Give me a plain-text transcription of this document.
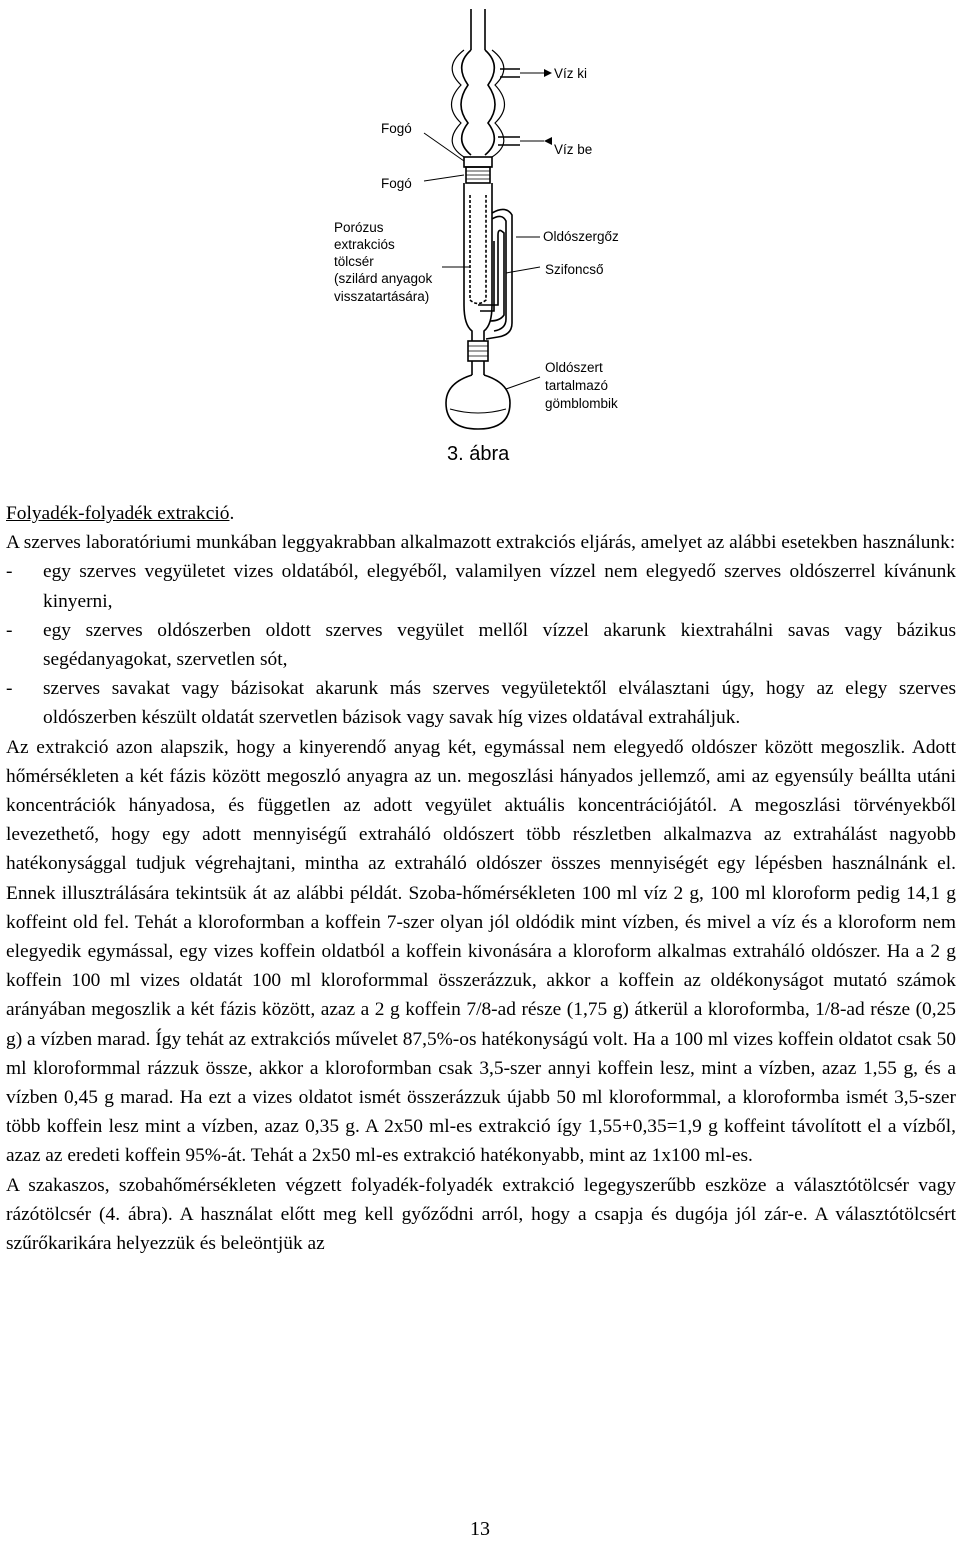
Víz ki
Fogó
Víz be
Fogó
Porózus
extrakciós
tölcsér
(szilárd anyagok
visszatartására)
Oldószergőz
Szifoncső
Oldószert
tartalmazó
gömblombik
3. ábra

Folyadék-folyadék extrakció.

A szerves laboratóriumi munkában leggyakrabban alkalmazott extrakciós eljárás, amelyet az alábbi esetekben használunk:

-	egy szerves vegyületet vizes oldatából, elegyéből, valamilyen vízzel nem elegyedő szerves oldószerrel kívánunk kinyerni,
-	egy szerves oldószerben oldott szerves vegyület mellől vízzel akarunk kiextrahálni savas vagy bázikus segédanyagokat, szervetlen sót,
-	szerves savakat vagy bázisokat akarunk más szerves vegyületektől elválasztani úgy, hogy az elegy szerves oldószerben készült oldatát szervetlen bázisok vagy savak híg vizes oldatával extraháljuk.

Az extrakció azon alapszik, hogy a kinyerendő anyag két, egymással nem elegyedő oldószer között megoszlik. Adott hőmérsékleten a két fázis között megoszló anyagra az un. megoszlási hányados jellemző, ami az egyensúly beállta utáni koncentrációk hányadosa, és független az adott vegyület aktuális koncentrációjától. A megoszlási törvényekből levezethető, hogy egy adott mennyiségű extraháló oldószert több részletben alkalmazva az extrahálást nagyobb hatékonysággal tudjuk végrehajtani, mintha az extraháló oldószer összes mennyiségét egy lépésben használnánk el. Ennek illusztrálására tekintsük át az alábbi példát. Szoba-hőmérsékleten 100 ml víz 2 g, 100 ml kloroform pedig 14,1 g koffeint old fel. Tehát a kloroformban a koffein 7-szer olyan jól oldódik mint vízben, és mivel a víz és a kloroform nem elegyedik egymással, egy vizes koffein oldatból a koffein kivonására a kloroform alkalmas extraháló oldószer. Ha a 2 g koffein 100 ml vizes oldatát 100 ml kloroformmal összerázzuk, akkor a koffein az oldékonyságot mutató számok arányában megoszlik a két fázis között, azaz a 2 g koffein 7/8-ad része (1,75 g) átkerül a kloroformba, 1/8-ad része (0,25 g) a vízben marad. Így tehát az extrakciós művelet 87,5%-os hatékonyságú volt. Ha a 100 ml vizes koffein oldatot csak 50 ml kloroformmal rázzuk össze, akkor a kloroformban csak 3,5-szer annyi koffein lesz, mint a vízben, azaz 1,55 g, és a vízben 0,45 g marad. Ha ezt a vizes oldatot ismét összerázzuk újabb 50 ml kloroformmal, a kloroformba ismét 3,5-szer több koffein lesz mint a vízben, azaz 0,35 g. A 2x50 ml-es extrakció így 1,55+0,35=1,9 g koffeint távolított el a vízből, azaz az eredeti koffein 95%-át. Tehát a 2x50 ml-es extrakció hatékonyabb, mint az 1x100 ml-es.

A szakaszos, szobahőmérsékleten végzett folyadék-folyadék extrakció legegyszerűbb eszköze a választótölcsér vagy rázótölcsér (4. ábra). A használat előtt meg kell győződni arról, hogy a csapja és dugója jól zár-e. A választótölcsért szűrőkarikára helyezzük és beleöntjük az

13
